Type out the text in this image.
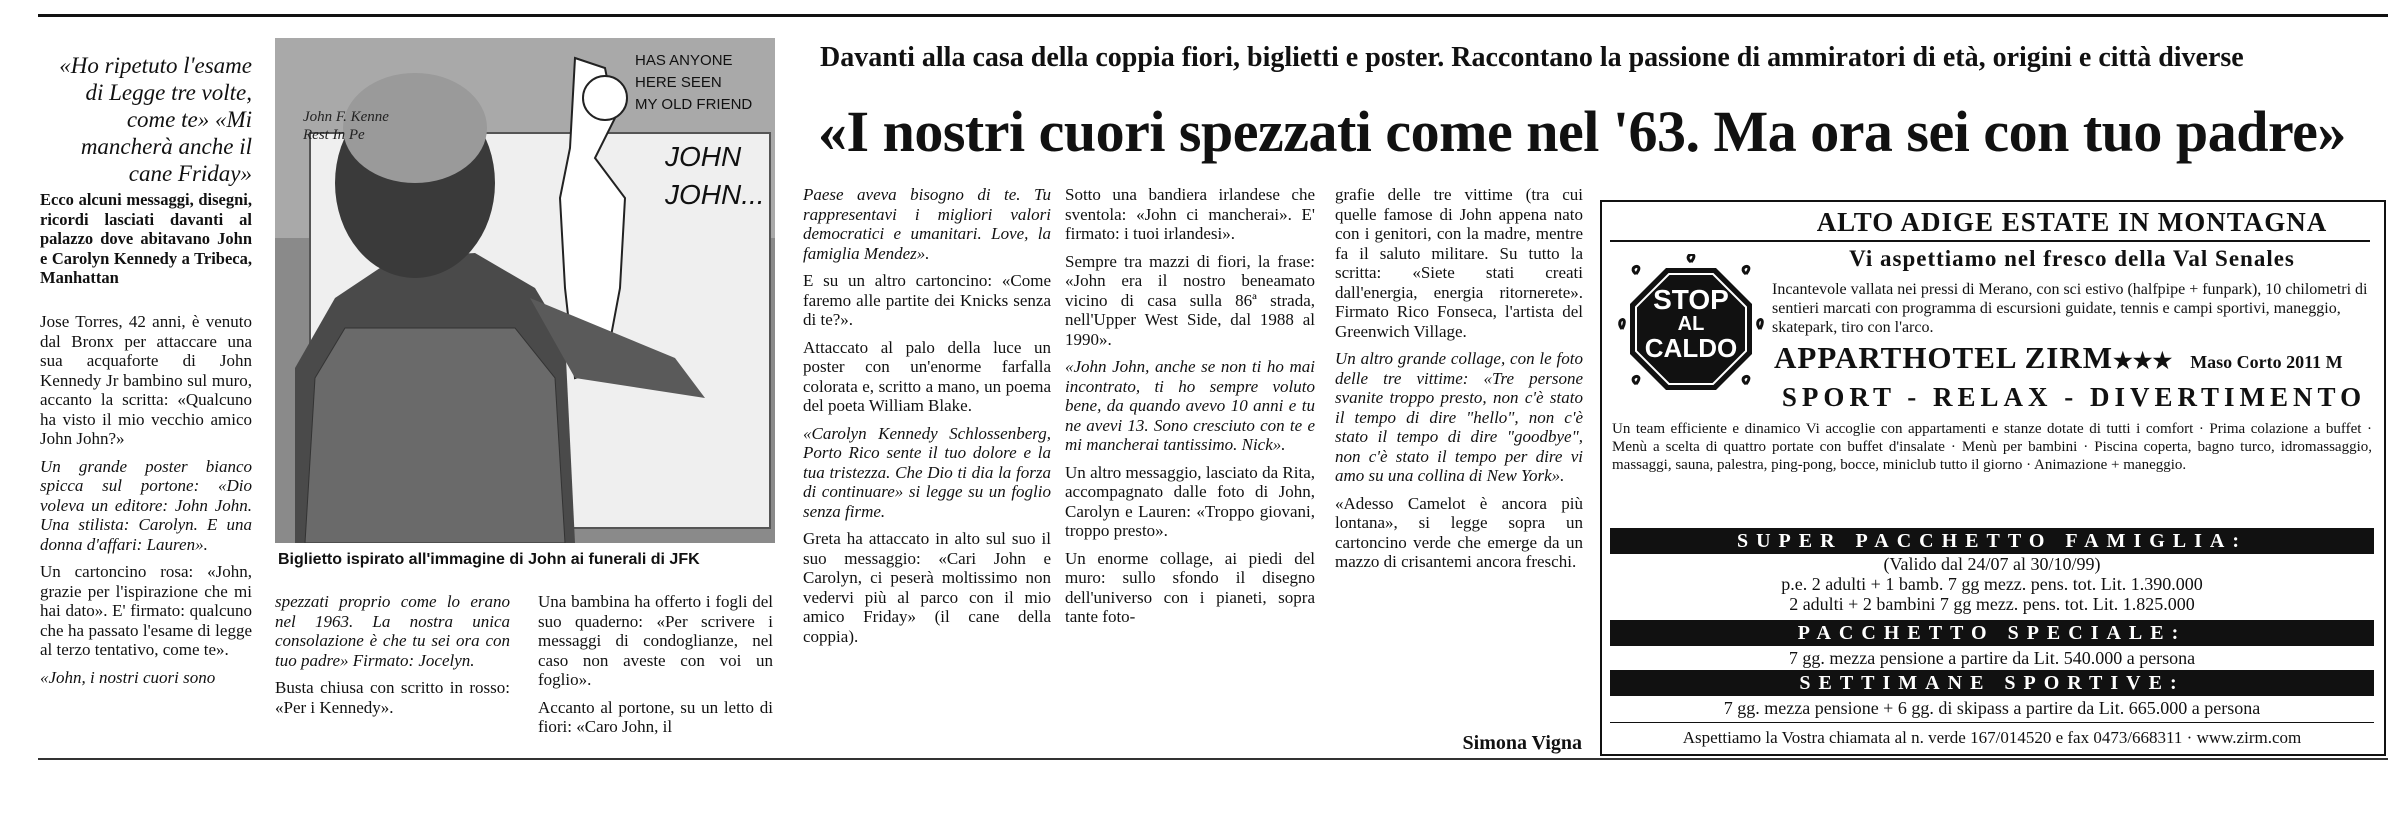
«Ho ripetuto l'esame di Legge tre volte, come te» «Mi mancherà anche il cane Friday»
Ecco alcuni messaggi, disegni, ricordi lasciati davanti al palazzo dove abitavano John e Carolyn Kennedy a Tribeca, Manhattan

Jose Torres, 42 anni, è venuto dal Bronx per attaccare una sua acquaforte di John Kennedy Jr bambino sul muro, accanto la scritta: «Qualcuno ha visto il mio vecchio amico John John?»

Un grande poster bianco spicca sul portone: «Dio voleva un editore: John John. Una stilista: Carolyn. E una donna d'affari: Lauren».

Un cartoncino rosa: «John, grazie per l'ispirazione che mi hai dato». E' firmato: qualcuno che ha passato l'esame di legge al terzo tentativo, come te».

«John, i nostri cuori sono

HAS ANYONE
HERE SEEN
MY OLD FRIEND
JOHN
JOHN...
John F. Kenne
Rest In Pe
Biglietto ispirato all'immagine di John ai funerali di JFK

spezzati proprio come lo erano nel 1963. La nostra unica consolazione è che tu sei ora con tuo padre» Firmato: Jocelyn.

Busta chiusa con scritto in rosso: «Per i Kennedy».

Una bambina ha offerto i fogli del suo quaderno: «Per scrivere i messaggi di condoglianze, nel caso non aveste con voi un foglio».

Accanto al portone, su un letto di fiori: «Caro John, il

Davanti alla casa della coppia fiori, biglietti e poster. Raccontano la passione di ammiratori di età, origini e città diverse
«I nostri cuori spezzati come nel '63. Ma ora sei con tuo padre»

Paese aveva bisogno di te. Tu rappresentavi i migliori valori democratici e umanitari. Love, la famiglia Mendez».

E su un altro cartoncino: «Come faremo alle partite dei Knicks senza di te?».

Attaccato al palo della luce un poster con un'enorme farfalla colorata e, scritto a mano, un poema del poeta William Blake.

«Carolyn Kennedy Schlossenberg, Porto Rico sente il tuo dolore e la tua tristezza. Che Dio ti dia la forza di continuare» si legge su un foglio senza firme.

Greta ha attaccato in alto sul suo il suo messaggio: «Cari John e Carolyn, ci peserà moltissimo non vedervi più al parco con il mio amico Friday» (il cane della coppia).

Sotto una bandiera irlandese che sventola: «John ci mancherai». E' firmato: i tuoi irlandesi».

Sempre tra mazzi di fiori, la frase: «John era il nostro beneamato vicino di casa sulla 86ª strada, nell'Upper West Side, dal 1988 al 1990».

«John John, anche se non ti ho mai incontrato, ti ho sempre voluto bene, da quando avevo 10 anni e tu ne avevi 13. Sono cresciuto con te e mi mancherai tantissimo. Nick».

Un altro messaggio, lasciato da Rita, accompagnato dalle foto di John, Carolyn e Lauren: «Troppo giovani, troppo presto».

Un enorme collage, ai piedi del muro: sullo sfondo il disegno dell'universo con i pianeti, sopra tante foto-

grafie delle tre vittime (tra cui quelle famose di John appena nato con i genitori, con la madre, mentre fa il saluto militare. Su tutto la scritta: «Siete stati creati dall'energia, energia ritornerete». Firmato Rico Fonseca, l'artista del Greenwich Village.

Un altro grande collage, con le foto delle tre vittime: «Tre persone svanite troppo presto, non c'è stato il tempo di dire "hello", non c'è stato il tempo di dire "goodbye", non c'è stato il tempo per dire vi amo su una collina di New York».

«Adesso Camelot è ancora più lontana», si legge sopra un cartoncino verde che emerge da un mazzo di crisantemi ancora freschi.

Simona Vigna
ALTO ADIGE ESTATE IN MONTAGNA
Vi aspettiamo nel fresco della Val Senales
STOP
AL
CALDO
Incantevole vallata nei pressi di Merano, con sci estivo (halfpipe + funpark), 10 chilometri di sentieri marcati con programma di escursioni guidate, tennis e campi sportivi, maneggio, skatepark, tiro con l'arco.
APPARTHOTEL ZIRM★★★ Maso Corto 2011 M
SPORT - RELAX - DIVERTIMENTO
Un team efficiente e dinamico Vi accoglie con appartamenti e stanze dotate di tutti i comfort · Prima colazione a buffet · Menù a scelta di quattro portate con buffet d'insalate · Menù per bambini · Piscina coperta, bagno turco, idromassaggio, massaggi, sauna, palestra, ping-pong, bocce, miniclub tutto il giorno · Animazione + maneggio.
SUPER PACCHETTO FAMIGLIA:
(Valido dal 24/07 al 30/10/99)
p.e. 2 adulti + 1 bamb. 7 gg mezz. pens. tot. Lit. 1.390.000
2 adulti + 2 bambini 7 gg mezz. pens. tot. Lit. 1.825.000
PACCHETTO SPECIALE:
7 gg. mezza pensione a partire da Lit. 540.000 a persona
SETTIMANE SPORTIVE:
7 gg. mezza pensione + 6 gg. di skipass a partire da Lit. 665.000 a persona
Aspettiamo la Vostra chiamata al n. verde 167/014520 e fax 0473/668311 · www.zirm.com
